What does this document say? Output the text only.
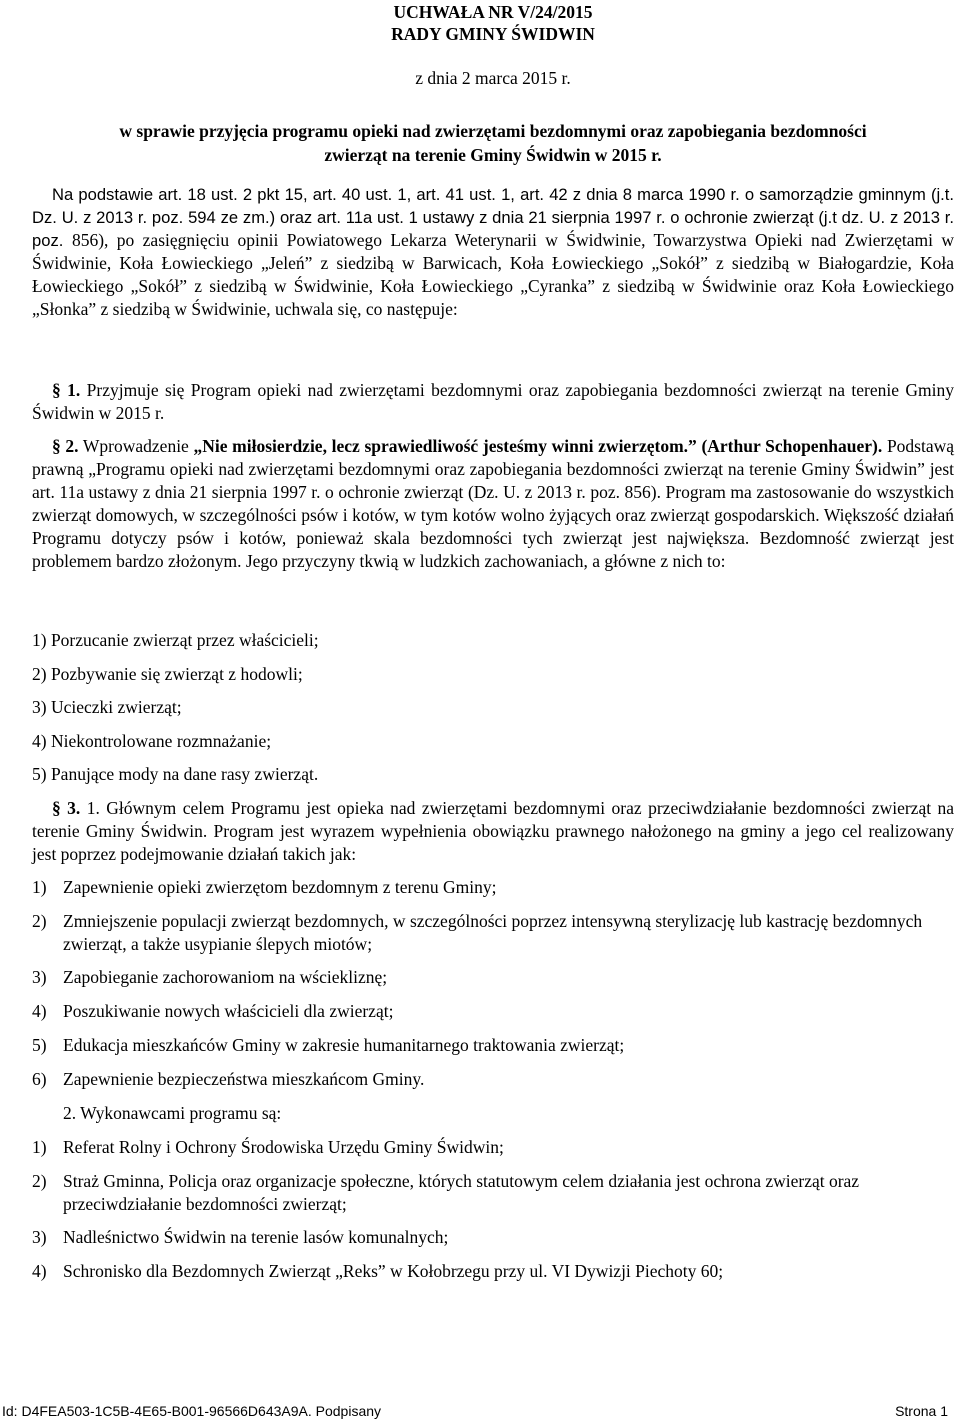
UCHWAŁA NR V/24/2015
RADY GMINY ŚWIDWIN
z dnia 2 marca 2015 r.
w sprawie przyjęcia programu opieki nad zwierzętami bezdomnymi oraz zapobiegania bezdomności
zwierząt na terenie Gminy Świdwin w 2015 r.
Na podstawie art. 18 ust. 2 pkt 15, art. 40 ust. 1, art. 41 ust. 1, art. 42 z dnia 8 marca 1990 r. o samorządzie gminnym (j.t. Dz. U. z 2013 r. poz. 594 ze zm.) oraz art. 11a ust. 1 ustawy z dnia 21 sierpnia 1997 r. o ochronie zwierząt (j.t dz. U. z 2013 r. poz. 856), po zasięgnięciu opinii Powiatowego Lekarza Weterynarii w Świdwinie, Towarzystwa Opieki nad Zwierzętami w Świdwinie, Koła Łowieckiego „Jeleń” z siedzibą w Barwicach, Koła Łowieckiego „Sokół” z siedzibą w Białogardzie, Koła Łowieckiego „Sokół” z siedzibą w Świdwinie, Koła Łowieckiego „Cyranka” z siedzibą w Świdwinie oraz Koła Łowieckiego „Słonka” z siedzibą w Świdwinie, uchwala się, co następuje:
§ 1. Przyjmuje się Program opieki nad zwierzętami bezdomnymi oraz zapobiegania bezdomności zwierząt na terenie Gminy Świdwin w 2015 r.
§ 2. Wprowadzenie „Nie miłosierdzie, lecz sprawiedliwość jesteśmy winni zwierzętom.” (Arthur Schopenhauer). Podstawą prawną „Programu opieki nad zwierzętami bezdomnymi oraz zapobiegania bezdomności zwierząt na terenie Gminy Świdwin” jest art. 11a ustawy z dnia 21 sierpnia 1997 r. o ochronie zwierząt (Dz. U. z 2013 r. poz. 856). Program ma zastosowanie do wszystkich zwierząt domowych, w szczególności psów i kotów, w tym kotów wolno żyjących oraz zwierząt gospodarskich. Większość działań Programu dotyczy psów i kotów, ponieważ skala bezdomności tych zwierząt jest największa. Bezdomność zwierząt jest problemem bardzo złożonym. Jego przyczyny tkwią w ludzkich zachowaniach, a główne z nich to:
1) Porzucanie zwierząt przez właścicieli;
2) Pozbywanie się zwierząt z hodowli;
3) Ucieczki zwierząt;
4) Niekontrolowane rozmnażanie;
5) Panujące mody na dane rasy zwierząt.
§ 3. 1. Głównym celem Programu jest opieka nad zwierzętami bezdomnymi oraz przeciwdziałanie bezdomności zwierząt na terenie Gminy Świdwin. Program jest wyrazem wypełnienia obowiązku prawnego nałożonego na gminy a jego cel realizowany jest poprzez podejmowanie działań takich jak:
1) Zapewnienie opieki zwierzętom bezdomnym z terenu Gminy;
2) Zmniejszenie populacji zwierząt bezdomnych, w szczególności poprzez intensywną sterylizację lub kastrację bezdomnych zwierząt, a także usypianie ślepych miotów;
3) Zapobieganie zachorowaniom na wściekliznę;
4) Poszukiwanie nowych właścicieli dla zwierząt;
5) Edukacja mieszkańców Gminy w zakresie humanitarnego traktowania zwierząt;
6) Zapewnienie bezpieczeństwa mieszkańcom Gminy.
2. Wykonawcami programu są:
1) Referat Rolny i Ochrony Środowiska Urzędu Gminy Świdwin;
2) Straż Gminna, Policja oraz organizacje społeczne, których statutowym celem działania jest ochrona zwierząt oraz przeciwdziałanie bezdomności zwierząt;
3) Nadleśnictwo Świdwin na terenie lasów komunalnych;
4) Schronisko dla Bezdomnych Zwierząt „Reks” w Kołobrzegu przy ul. VI Dywizji Piechoty 60;
Id: D4FEA503-1C5B-4E65-B001-96566D643A9A. Podpisany	Strona 1
